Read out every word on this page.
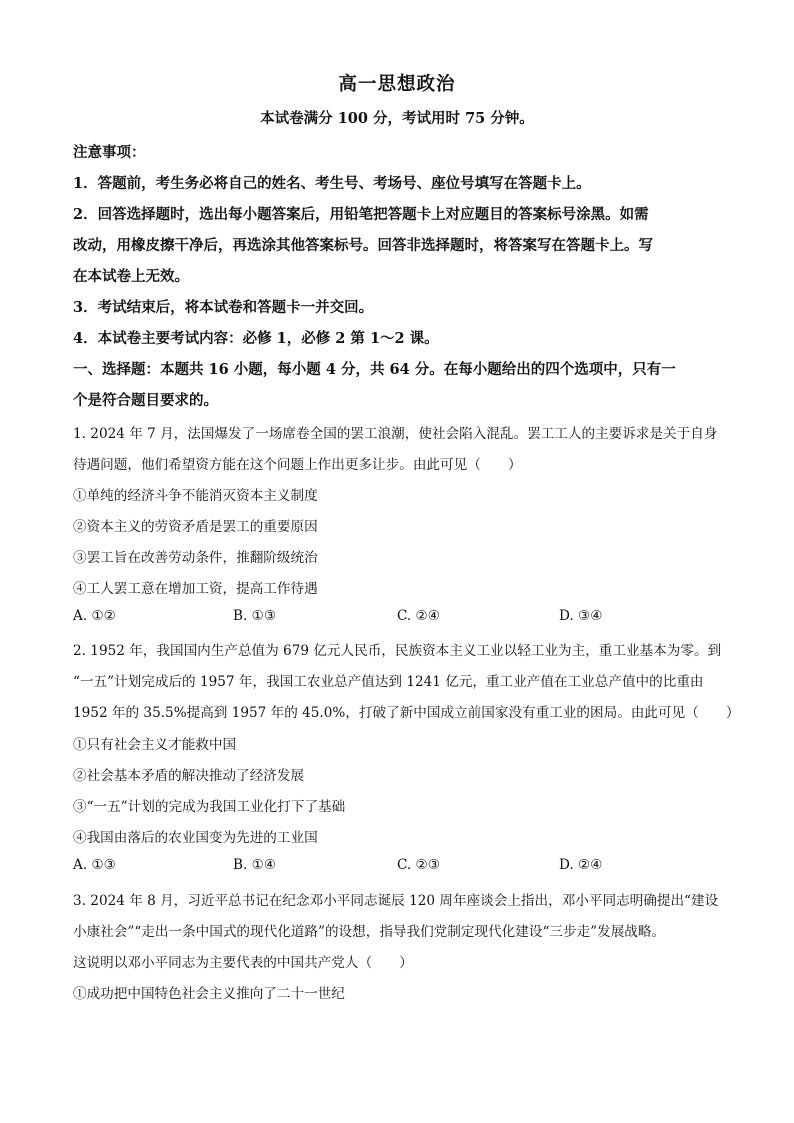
高一思想政治
本试卷满分 100 分，考试用时 75 分钟。
注意事项：
1．答题前，考生务必将自己的姓名、考生号、考场号、座位号填写在答题卡上。
2．回答选择题时，选出每小题答案后，用铅笔把答题卡上对应题目的答案标号涂黑。如需
改动，用橡皮擦干净后，再选涂其他答案标号。回答非选择题时，将答案写在答题卡上。写
在本试卷上无效。
3．考试结束后，将本试卷和答题卡一并交回。
4．本试卷主要考试内容：必修 1，必修 2 第 1～2 课。
一、选择题：本题共 16 小题，每小题 4 分，共 64 分。在每小题给出的四个选项中，只有一
个是符合题目要求的。
1. 2024 年 7 月，法国爆发了一场席卷全国的罢工浪潮，使社会陷入混乱。罢工工人的主要诉求是关于自身
待遇问题，他们希望资方能在这个问题上作出更多让步。由此可见（　　）
①单纯的经济斗争不能消灭资本主义制度
②资本主义的劳资矛盾是罢工的重要原因
③罢工旨在改善劳动条件，推翻阶级统治
④工人罢工意在增加工资，提高工作待遇
A. ①②	B. ①③	C. ②④	D. ③④
2. 1952 年，我国国内生产总值为 679 亿元人民币，民族资本主义工业以轻工业为主，重工业基本为零。到
“一五”计划完成后的 1957 年，我国工农业总产值达到 1241 亿元，重工业产值在工业总产值中的比重由
1952 年的 35.5%提高到 1957 年的 45.0%，打破了新中国成立前国家没有重工业的困局。由此可见（　　）
①只有社会主义才能救中国
②社会基本矛盾的解决推动了经济发展
③“一五”计划的完成为我国工业化打下了基础
④我国由落后的农业国变为先进的工业国
A. ①③	B. ①④	C. ②③	D. ②④
3. 2024 年 8 月，习近平总书记在纪念邓小平同志诞辰 120 周年座谈会上指出，邓小平同志明确提出“建设
小康社会”“走出一条中国式的现代化道路”的设想，指导我们党制定现代化建设“三步走”发展战略。
这说明以邓小平同志为主要代表的中国共产党人（　　）
①成功把中国特色社会主义推向了二十一世纪
